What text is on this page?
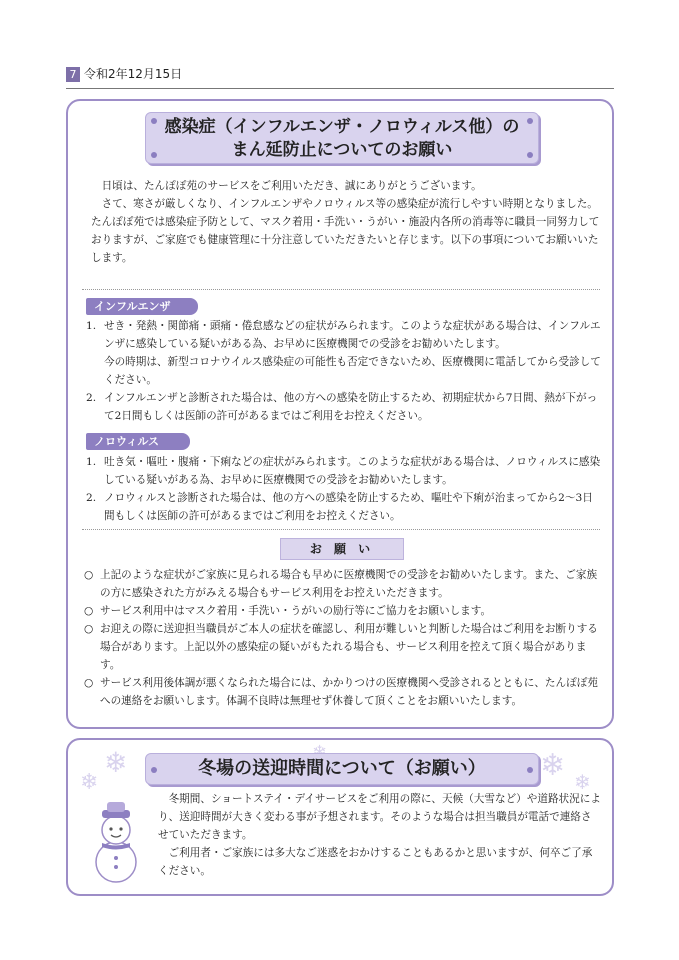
7 令和2年12月15日
感染症（インフルエンザ・ノロウィルス他）の
まん延防止についてのお願い

日頃は、たんぽぽ苑のサービスをご利用いただき、誠にありがとうございます。

さて、寒さが厳しくなり、インフルエンザやノロウィルス等の感染症が流行しやすい時期となりました。

たんぽぽ苑では感染症予防として、マスク着用・手洗い・うがい・施設内各所の消毒等に職員一同努力しておりますが、ご家庭でも健康管理に十分注意していただきたいと存じます。以下の事項についてお願いいたします。

インフルエンザ
1. せき・発熱・関節痛・頭痛・倦怠感などの症状がみられます。このような症状がある場合は、インフルエンザに感染している疑いがある為、お早めに医療機関での受診をお勧めいたします。
今の時期は、新型コロナウイルス感染症の可能性も否定できないため、医療機関に電話してから受診してください。
2. インフルエンザと診断された場合は、他の方への感染を防止するため、初期症状から7日間、熱が下がって2日間もしくは医師の許可があるまではご利用をお控えください。
ノロウィルス
1. 吐き気・嘔吐・腹痛・下痢などの症状がみられます。このような症状がある場合は、ノロウィルスに感染している疑いがある為、お早めに医療機関での受診をお勧めいたします。
2. ノロウィルスと診断された場合は、他の方への感染を防止するため、嘔吐や下痢が治まってから2～3日間もしくは医師の許可があるまではご利用をお控えください。
お 願 い
○ 上記のような症状がご家族に見られる場合も早めに医療機関での受診をお勧めいたします。また、ご家族の方に感染された方がみえる場合もサービス利用をお控えいただきます。
○ サービス利用中はマスク着用・手洗い・うがいの励行等にご協力をお願いします。
○ お迎えの際に送迎担当職員がご本人の症状を確認し、利用が難しいと判断した場合はご利用をお断りする場合があります。上記以外の感染症の疑いがもたれる場合も、サービス利用を控えて頂く場合があります。
○ サービス利用後体調が悪くなられた場合には、かかりつけの医療機関へ受診されるとともに、たんぽぽ苑への連絡をお願いします。体調不良時は無理せず休養して頂くことをお願いいたします。
❄
❄	❄ ❄
冬場の送迎時間について（お願い）

冬期間、ショートステイ・デイサービスをご利用の際に、天候（大雪など）や道路状況により、送迎時間が大きく変わる事が予想されます。そのような場合は担当職員が電話で連絡させていただきます。

ご利用者・ご家族には多大なご迷惑をおかけすることもあるかと思いますが、何卒ご了承ください。
